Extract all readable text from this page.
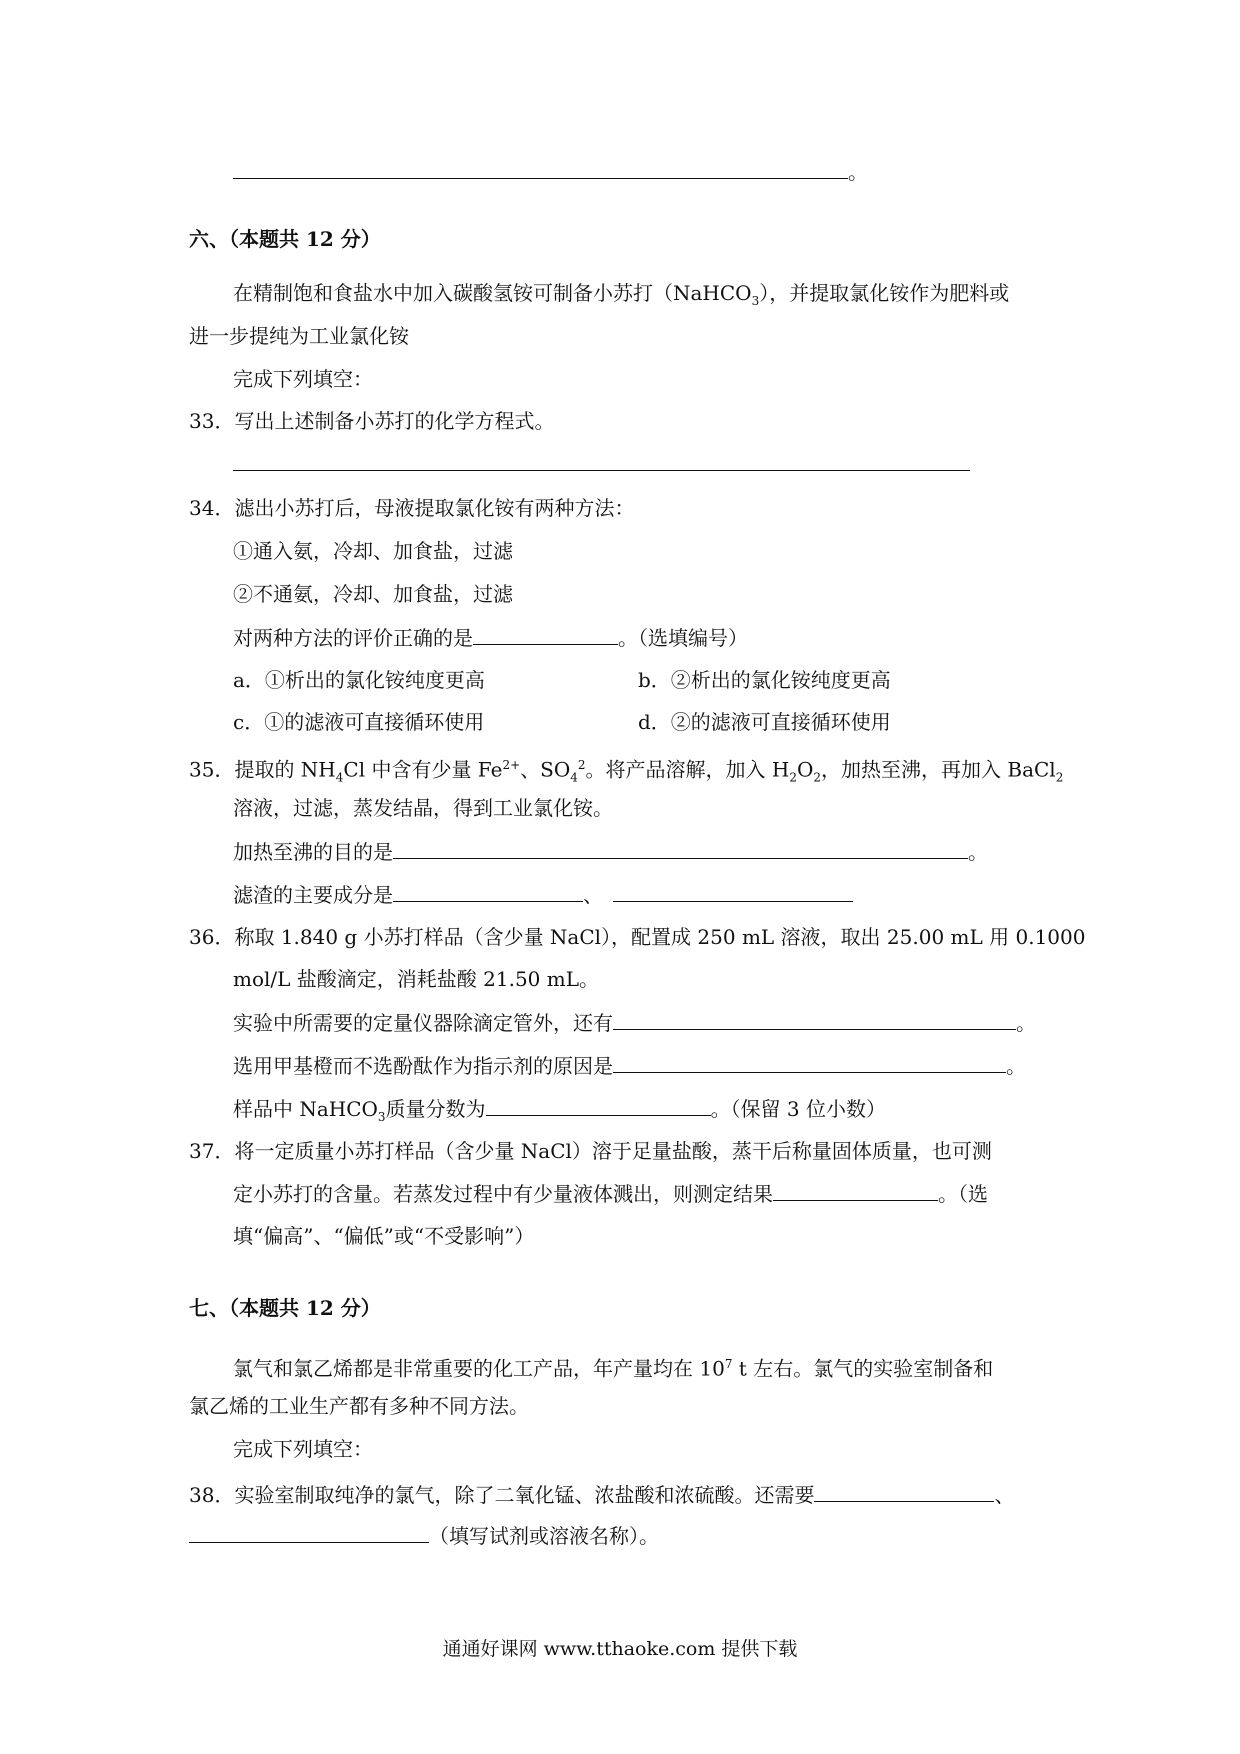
。
六、（本题共 12 分）
在精制饱和食盐水中加入碳酸氢铵可制备小苏打（NaHCO$_3$），并提取氯化铵作为肥料或
进一步提纯为工业氯化铵
完成下列填空：
33．写出上述制备小苏打的化学方程式。
34．滤出小苏打后，母液提取氯化铵有两种方法：
①通入氨，冷却、加食盐，过滤
②不通氨，冷却、加食盐，过滤
对两种方法的评价正确的是	。（选填编号）
a．①析出的氯化铵纯度更高	b．②析出的氯化铵纯度更高
c．①的滤液可直接循环使用	d．②的滤液可直接循环使用
35．提取的 $NH_4Cl$ 中含有少量 $Fe^{2+}$、$SO_4^2$。将产品溶解，加入 $H_2O_2$，加热至沸，再加入 BaCl$_2$
溶液，过滤，蒸发结晶，得到工业氯化铵。
加热至沸的目的是	。
滤渣的主要成分是	、
36．称取 1.840 g 小苏打样品（含少量 NaCl），配置成 250 mL 溶液，取出 25.00 mL 用 0.1000
mol/L 盐酸滴定，消耗盐酸 21.50 mL。
实验中所需要的定量仪器除滴定管外，还有	。
选用甲基橙而不选酚酞作为指示剂的原因是	。
样品中 NaHCO$_3$质量分数为	。（保留 3 位小数）
37．将一定质量小苏打样品（含少量 NaCl）溶于足量盐酸，蒸干后称量固体质量，也可测
定小苏打的含量。若蒸发过程中有少量液体溅出，则测定结果	。（选
填“偏高”、“偏低”或“不受影响”）
七、（本题共 12 分）
氯气和氯乙烯都是非常重要的化工产品，年产量均在 $10^7$ t 左右。氯气的实验室制备和
氯乙烯的工业生产都有多种不同方法。
完成下列填空：
38．实验室制取纯净的氯气，除了二氧化锰、浓盐酸和浓硫酸。还需要	、
（填写试剂或溶液名称）。
通通好课网 www.tthaoke.com 提供下载
